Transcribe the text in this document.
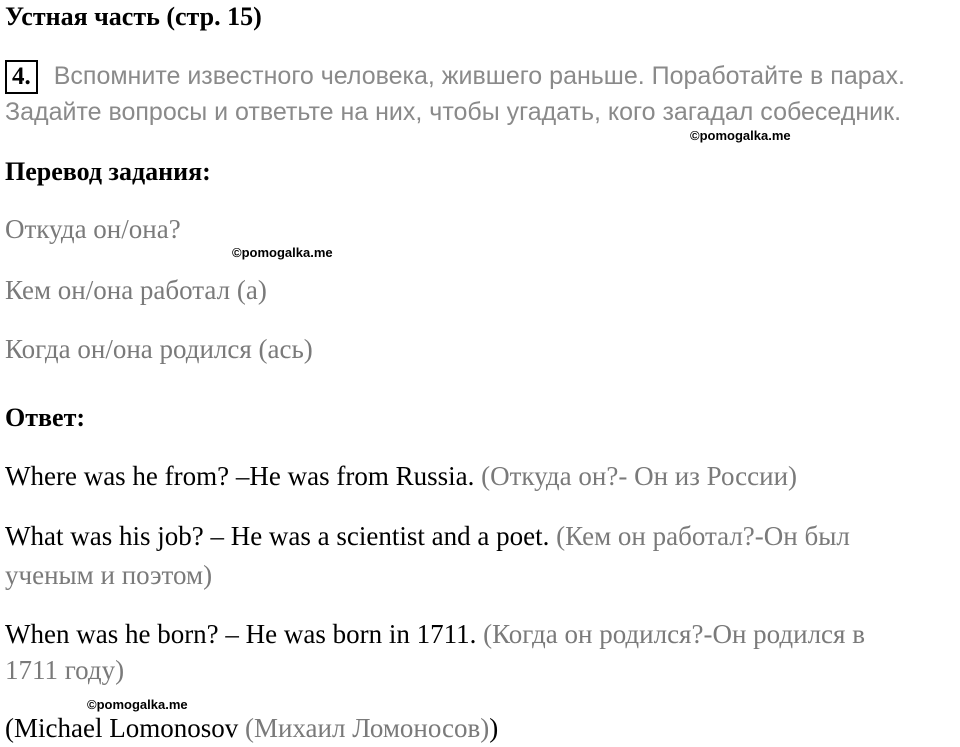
Устная часть (стр. 15)
4. Вспомните известного человека, жившего раньше. Поработайте в парах.
Задайте вопросы и ответьте на них, чтобы угадать, кого загадал собеседник.
©pomogalka.me
Перевод задания:
Откуда он/она?
©pomogalka.me
Кем он/она работал (а)
Когда он/она родился (ась)
Ответ:
Where was he from? –He was from Russia. (Откуда он?- Он из России)
What was his job? – He was a scientist and a poet. (Кем он работал?-Он был
ученым и поэтом)
When was he born? – He was born in 1711. (Когда он родился?-Он родился в
1711 году)
©pomogalka.me
(Michael Lomonosov (Михаил Ломоносов))
